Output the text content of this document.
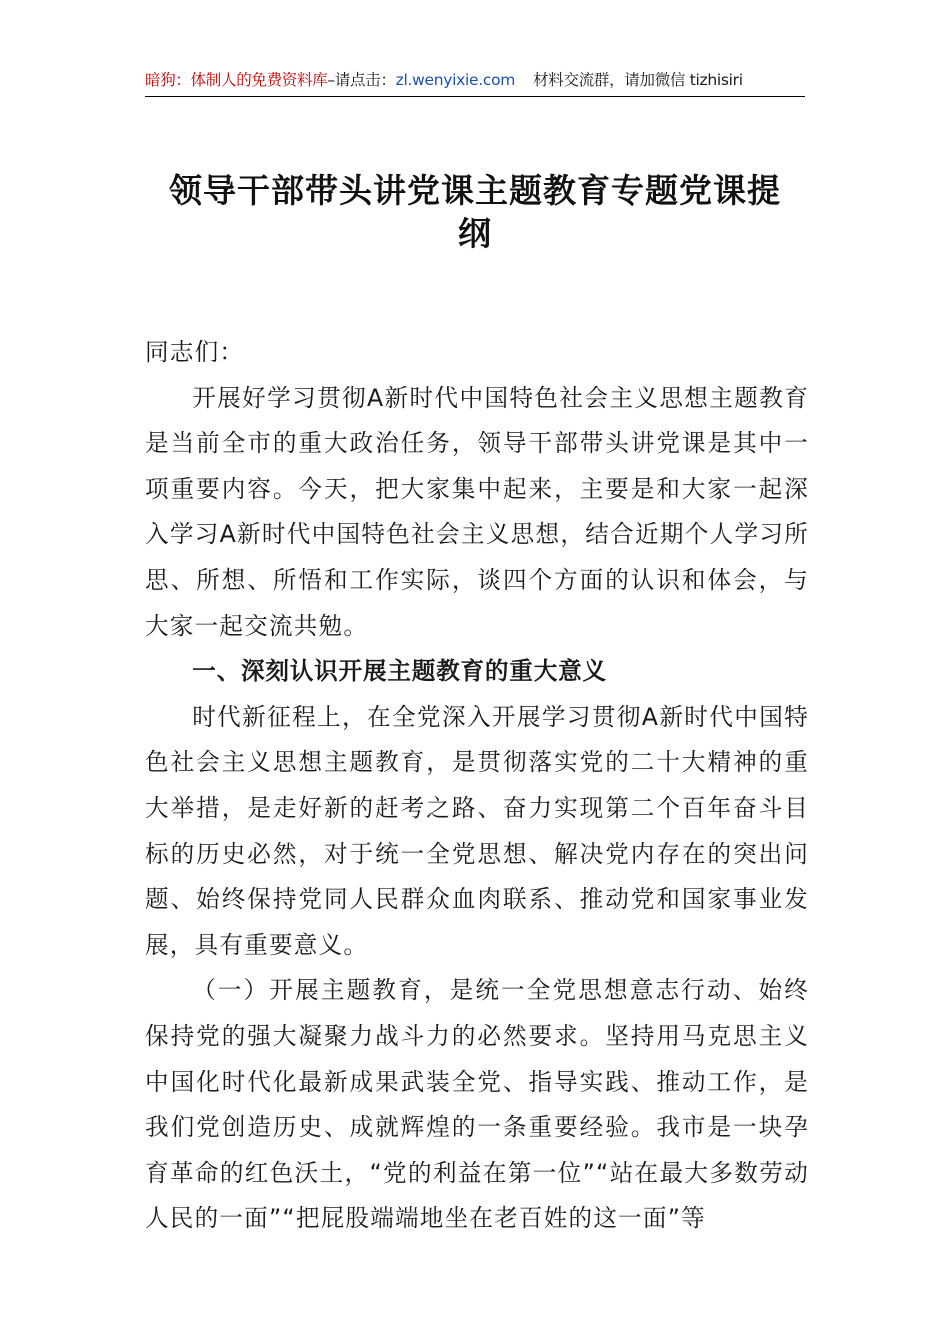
暗狗：体制人的免费资料库–请点击：zl.wenyixie.com 材料交流群，请加微信 tizhisiri
领导干部带头讲党课主题教育专题党课提
纲

同志们：

开展好学习贯彻A新时代中国特色社会主义思想主题教育是当前全市的重大政治任务，领导干部带头讲党课是其中一项重要内容。今天，把大家集中起来，主要是和大家一起深入学习A新时代中国特色社会主义思想，结合近期个人学习所思、所想、所悟和工作实际，谈四个方面的认识和体会，与大家一起交流共勉。

一、深刻认识开展主题教育的重大意义

时代新征程上，在全党深入开展学习贯彻A新时代中国特色社会主义思想主题教育，是贯彻落实党的二十大精神的重大举措，是走好新的赶考之路、奋力实现第二个百年奋斗目标的历史必然，对于统一全党思想、解决党内存在的突出问题、始终保持党同人民群众血肉联系、推动党和国家事业发展，具有重要意义。

（一）开展主题教育，是统一全党思想意志行动、始终保持党的强大凝聚力战斗力的必然要求。坚持用马克思主义中国化时代化最新成果武装全党、指导实践、推动工作，是我们党创造历史、成就辉煌的一条重要经验。我市是一块孕育革命的红色沃土，“党的利益在第一位”“站在最大多数劳动人民的一面”“把屁股端端地坐在老百姓的这一面”等
